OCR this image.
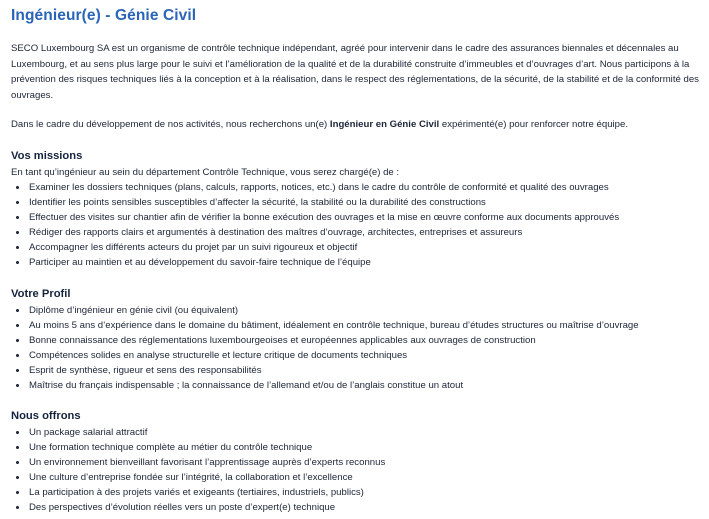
Ingénieur(e) - Génie Civil

SECO Luxembourg SA est un organisme de contrôle technique indépendant, agréé pour intervenir dans le cadre des assurances biennales et décennales au Luxembourg, et au sens plus large pour le suivi et l’amélioration de la qualité et de la durabilité construite d’immeubles et d’ouvrages d’art. Nous participons à la prévention des risques techniques liés à la conception et à la réalisation, dans le respect des réglementations, de la sécurité, de la stabilité et de la conformité des ouvrages.

Dans le cadre du développement de nos activités, nous recherchons un(e) Ingénieur en Génie Civil expérimenté(e) pour renforcer notre équipe.

Vos missions

En tant qu’ingénieur au sein du département Contrôle Technique, vous serez chargé(e) de :

Examiner les dossiers techniques (plans, calculs, rapports, notices, etc.) dans le cadre du contrôle de conformité et qualité des ouvrages
Identifier les points sensibles susceptibles d’affecter la sécurité, la stabilité ou la durabilité des constructions
Effectuer des visites sur chantier afin de vérifier la bonne exécution des ouvrages et la mise en œuvre conforme aux documents approuvés
Rédiger des rapports clairs et argumentés à destination des maîtres d’ouvrage, architectes, entreprises et assureurs
Accompagner les différents acteurs du projet par un suivi rigoureux et objectif
Participer au maintien et au développement du savoir-faire technique de l’équipe
Votre Profil
Diplôme d’ingénieur en génie civil (ou équivalent)
Au moins 5 ans d’expérience dans le domaine du bâtiment, idéalement en contrôle technique, bureau d’études structures ou maîtrise d’ouvrage
Bonne connaissance des réglementations luxembourgeoises et européennes applicables aux ouvrages de construction
Compétences solides en analyse structurelle et lecture critique de documents techniques
Esprit de synthèse, rigueur et sens des responsabilités
Maîtrise du français indispensable ; la connaissance de l’allemand et/ou de l’anglais constitue un atout
Nous offrons
Un package salarial attractif
Une formation technique complète au métier du contrôle technique
Un environnement bienveillant favorisant l’apprentissage auprès d’experts reconnus
Une culture d’entreprise fondée sur l’intégrité, la collaboration et l’excellence
La participation à des projets variés et exigeants (tertiaires, industriels, publics)
Des perspectives d’évolution réelles vers un poste d’expert(e) technique
